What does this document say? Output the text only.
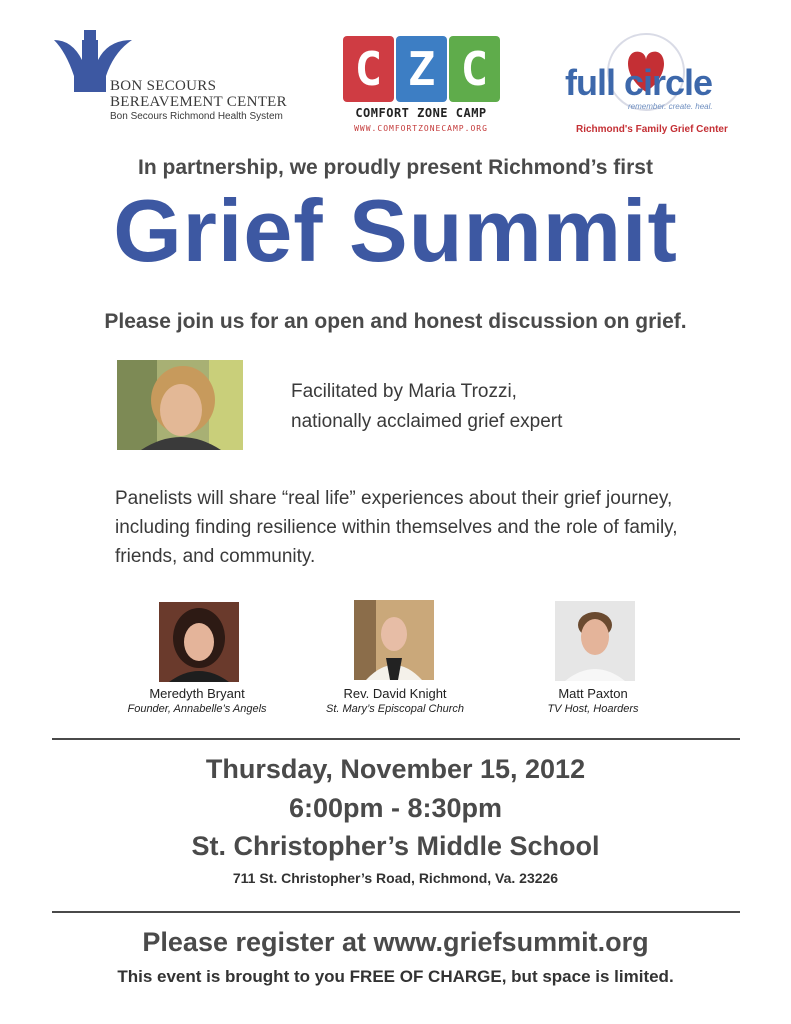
BON SECOURS
BEREAVEMENT CENTER
Bon Secours Richmond Health System
C Z C
COMFORT ZONE CAMP
WWW.COMFORTZONECAMP.ORG
full circle
remember. create. heal.
Richmond's Family Grief Center
In partnership, we proudly present Richmond’s first
Grief Summit
Please join us for an open and honest discussion on grief.
Facilitated by Maria Trozzi,
nationally acclaimed grief expert
Panelists will share “real life” experiences about their grief journey, including finding resilience within themselves and the role of family, friends, and community.
Meredyth Bryant
Founder, Annabelle’s Angels
Rev. David Knight
St. Mary’s Episcopal Church
Matt Paxton
TV Host, Hoarders
Thursday, November 15, 2012
6:00pm - 8:30pm
St. Christopher’s Middle School
711 St. Christopher’s Road, Richmond, Va. 23226
Please register at www.griefsummit.org
This event is brought to you FREE OF CHARGE, but space is limited.
